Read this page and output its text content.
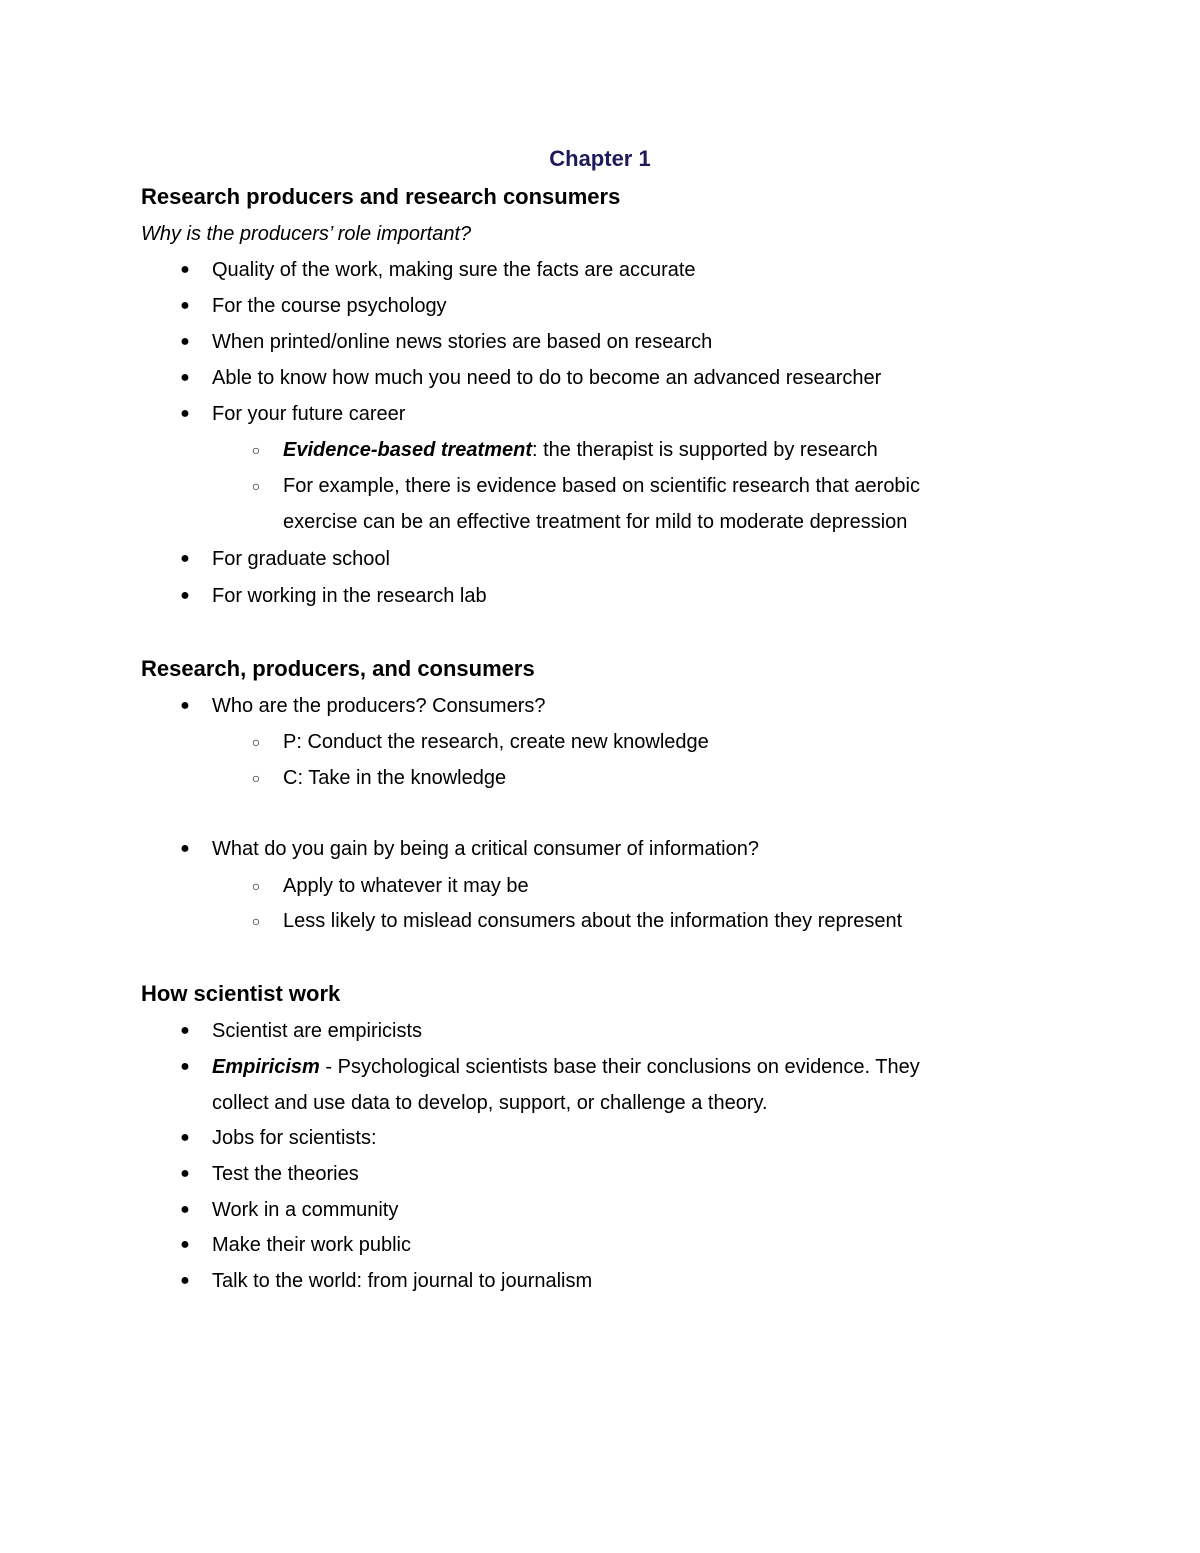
Chapter 1
Research producers and research consumers
Why is the producers’ role important?
● Quality of the work, making sure the facts are accurate
● For the course psychology
● When printed/online news stories are based on research
● Able to know how much you need to do to become an advanced researcher
● For your future career
○ Evidence-based treatment: the therapist is supported by research
○ For example, there is evidence based on scientific research that aerobic
exercise can be an effective treatment for mild to moderate depression
● For graduate school
● For working in the research lab
Research, producers, and consumers
● Who are the producers? Consumers?
○ P: Conduct the research, create new knowledge
○ C: Take in the knowledge
● What do you gain by being a critical consumer of information?
○ Apply to whatever it may be
○ Less likely to mislead consumers about the information they represent
How scientist work
● Scientist are empiricists
● Empiricism - Psychological scientists base their conclusions on evidence. They
collect and use data to develop, support, or challenge a theory.
● Jobs for scientists:
● Test the theories
● Work in a community
● Make their work public
● Talk to the world: from journal to journalism
